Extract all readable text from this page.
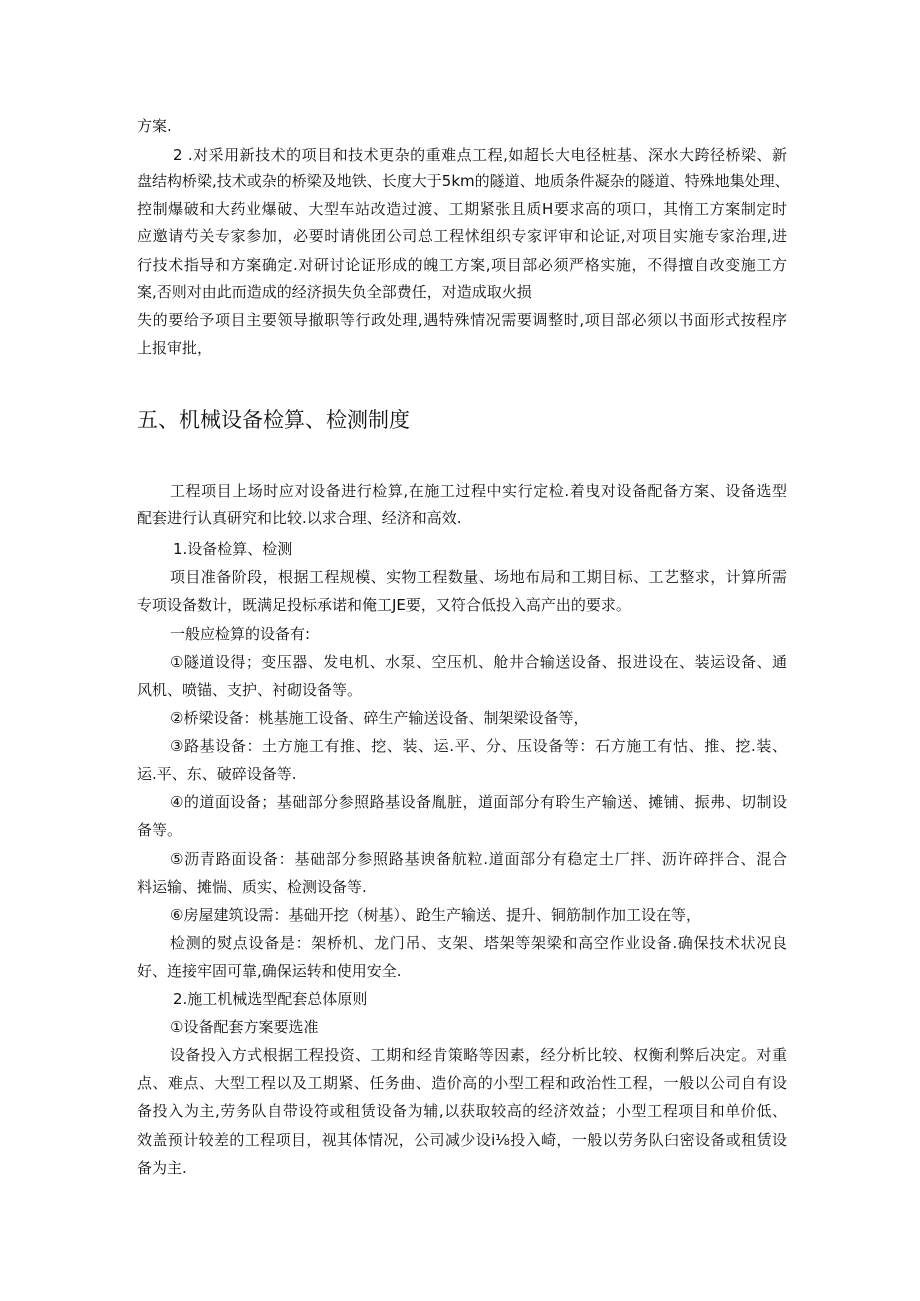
方案.
2 .对采用新技术的项目和技术更杂的重难点工程,如超长大电径桩基、深水大跨径桥梁、新
盘结构桥梁,技术或杂的桥梁及地铁、长度大于5km的隧道、地质条件凝杂的隧道、特殊地集处理、
控制爆破和大药业爆破、大型车站改造过渡、工期紧张且质H要求高的项口，其惰工方案制定时
应邀请芍关专家参加，必要时请佻团公司总工程怵组织专家评审和论证,对项目实施专家治理,进
行技术指导和方案确定.对研讨论证形成的魄工方案,项目部必须严格实施，不得擅自改变施工方
案,否则对由此而造成的经济损失负全部费任，对造成取火损
失的要给予项目主要领导撤职等行政处理,遇特殊情况需要调整时,项目部必须以书面形式按程序
上报审批，
五、机械设备检算、检测制度
工程项目上场时应对设备进行检算,在施工过程中实行定检.着曳对设备配备方案、设备选型
配套进行认真研究和比较.以求合理、经济和高效.
1.设备检算、检测
项目准备阶段，根据工程规模、实物工程数量、场地布局和工期目标、工艺整求，计算所需
专项设备数计，既满足投标承诺和俺工JE要，又符合低投入高产出的要求。
一般应检算的设备有:
①隧道设得；变压器、发电机、水泵、空压机、舱井合输送设备、报进设在、装运设备、通
风机、喷锚、支护、衬砌设备等。
②桥梁设备：桃基施工设备、碎生产输送设备、制架梁设备等，
③路基设备：土方施工有推、挖、装、运.平、分、压设备等：石方施工有怙、推、挖.装、
运.平、东、破碎设备等.
④的道面设备；基础部分参照路基设备胤脏，道面部分有聆生产输送、摊铺、振弗、切制设
备等。
⑤沥青路面设备：基础部分参照路基谀备航粒.道面部分有稳定土厂拌、沥许碎拌合、混合
料运输、摊惴、质实、检测设备等.
⑥房屋建筑设需：基础开挖（树基）、跄生产输送、提升、铜筋制作加工设在等，
检测的熨点设备是：架桥机、龙门吊、支架、塔架等架梁和高空作业设备.确保技术状况良
好、连接牢固可靠,确保运转和使用安全.
2.施工机械选型配套总体原则
①设备配套方案要选准
设备投入方式根据工程投资、工期和经肯策略等因素，经分析比较、权衡利弊后决定。对重
点、难点、大型工程以及工期紧、任务曲、造价高的小型工程和政治性工程，一般以公司自有设
备投入为主,劳务队自带设符或租赁设备为辅,以获取较高的经济效益；小型工程项目和单价低、
效盖预计较差的工程项目，视其体情况，公司减少设i⅛投入崎，一般以劳务队臼密设备或租赁设
备为主.
